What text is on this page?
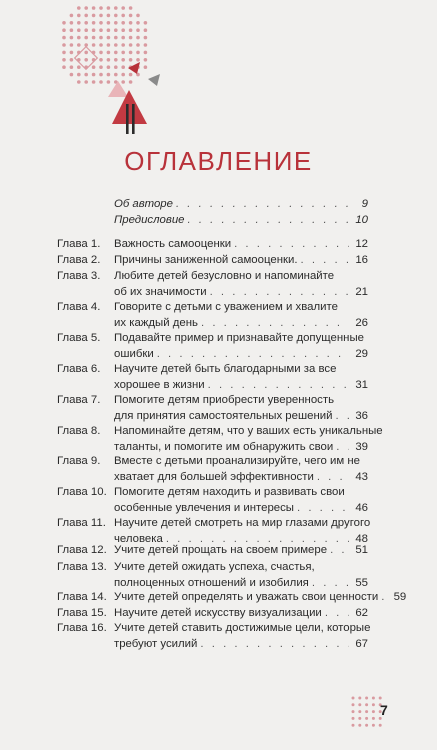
ОГЛАВЛЕНИЕ
Об авторе . . .	9
Предисловие . . .	10
Глава 1. Важность самооценки . . .	12
Глава 2. Причины заниженной самооценки. . . .	16
Глава 3. Любите детей безусловно и напоминайте
об их значимости . . .	21
Глава 4. Говорите с детьми с уважением и хвалите
их каждый день . . .	26
Глава 5. Подавайте пример и признавайте допущенные
ошибки . . .	29
Глава 6. Научите детей быть благодарными за все
хорошее в жизни . . .	31
Глава 7. Помогите детям приобрести уверенность
для принятия самостоятельных решений . . . 36
Глава 8. Напоминайте детям, что у ваших есть уникальные
таланты, и помогите им обнаружить свои . . . 39
Глава 9. Вместе с детьми проанализируйте, чего им не
хватает для большей эффективности . . .	43
Глава 10. Помогите детям находить и развивать свои
особенные увлечения и интересы . . .	46
Глава 11. Научите детей смотреть на мир глазами другого
человека . . .	48
Глава 12. Учите детей прощать на своем примере . . . 51
Глава 13. Учите детей ожидать успеха, счастья,
полноценных отношений и изобилия . . .	55
Глава 14. Учите детей определять и уважать свои ценности . . . 59
Глава 15. Научите детей искусству визуализации . . .	62
Глава 16. Учите детей ставить достижимые цели, которые
требуют усилий . . .	67
7
